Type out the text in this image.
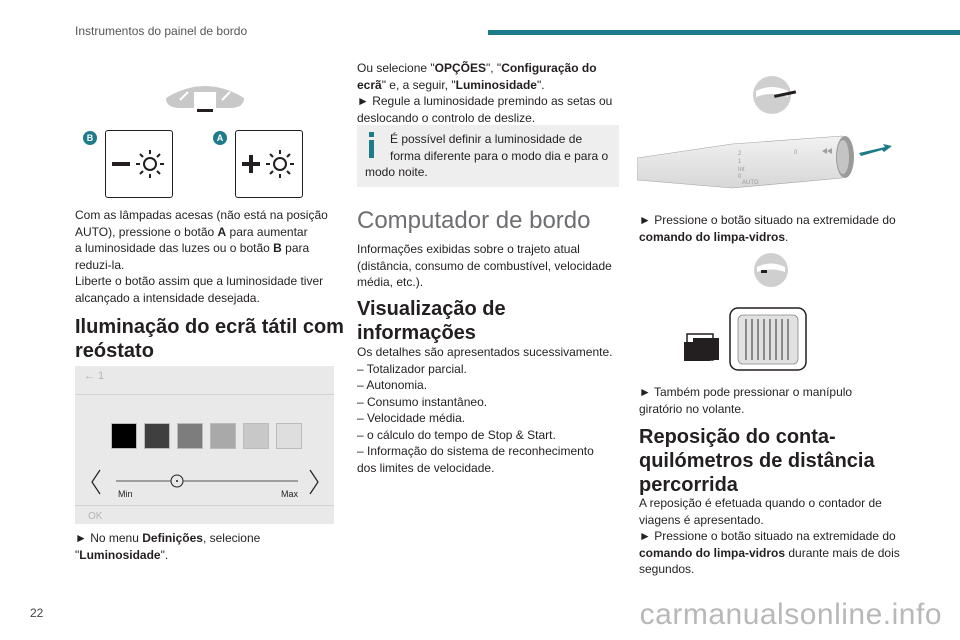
Instrumentos do painel de bordo
B	A
Com as lâmpadas acesas (não está na posição
AUTO), pressione o botão A para aumentar
a luminosidade das luzes ou o botão B para
reduzi-la.
Liberte o botão assim que a luminosidade tiver
alcançado a intensidade desejada.
Iluminação do ecrã tátil com
reóstato
← 1
Min	Max
OK
► No menu Definições, selecione
"Luminosidade".
Ou selecione "OPÇÕES", "Configuração do
ecrã" e, a seguir, "Luminosidade".
► Regule a luminosidade premindo as setas ou
deslocando o controlo de deslize.
É possível definir a luminosidade de
forma diferente para o modo dia e para o
modo noite.
Computador de bordo
Informações exibidas sobre o trajeto atual
(distância, consumo de combustível, velocidade
média, etc.).
Visualização de
informações
Os detalhes são apresentados sucessivamente.
– Totalizador parcial.
– Autonomia.
– Consumo instantâneo.
– Velocidade média.
– o cálculo do tempo de Stop & Start.
– Informação do sistema de reconhecimento
dos limites de velocidade.
2
1
Int
0
AUTO
0
► Pressione o botão situado na extremidade do
comando do limpa-vidros.
► Também pode pressionar o manípulo
giratório no volante.
Reposição do conta-
quilómetros de distância
percorrida
A reposição é efetuada quando o contador de
viagens é apresentado.
► Pressione o botão situado na extremidade do
comando do limpa-vidros durante mais de dois
segundos.
22	carmanualsonline.info
